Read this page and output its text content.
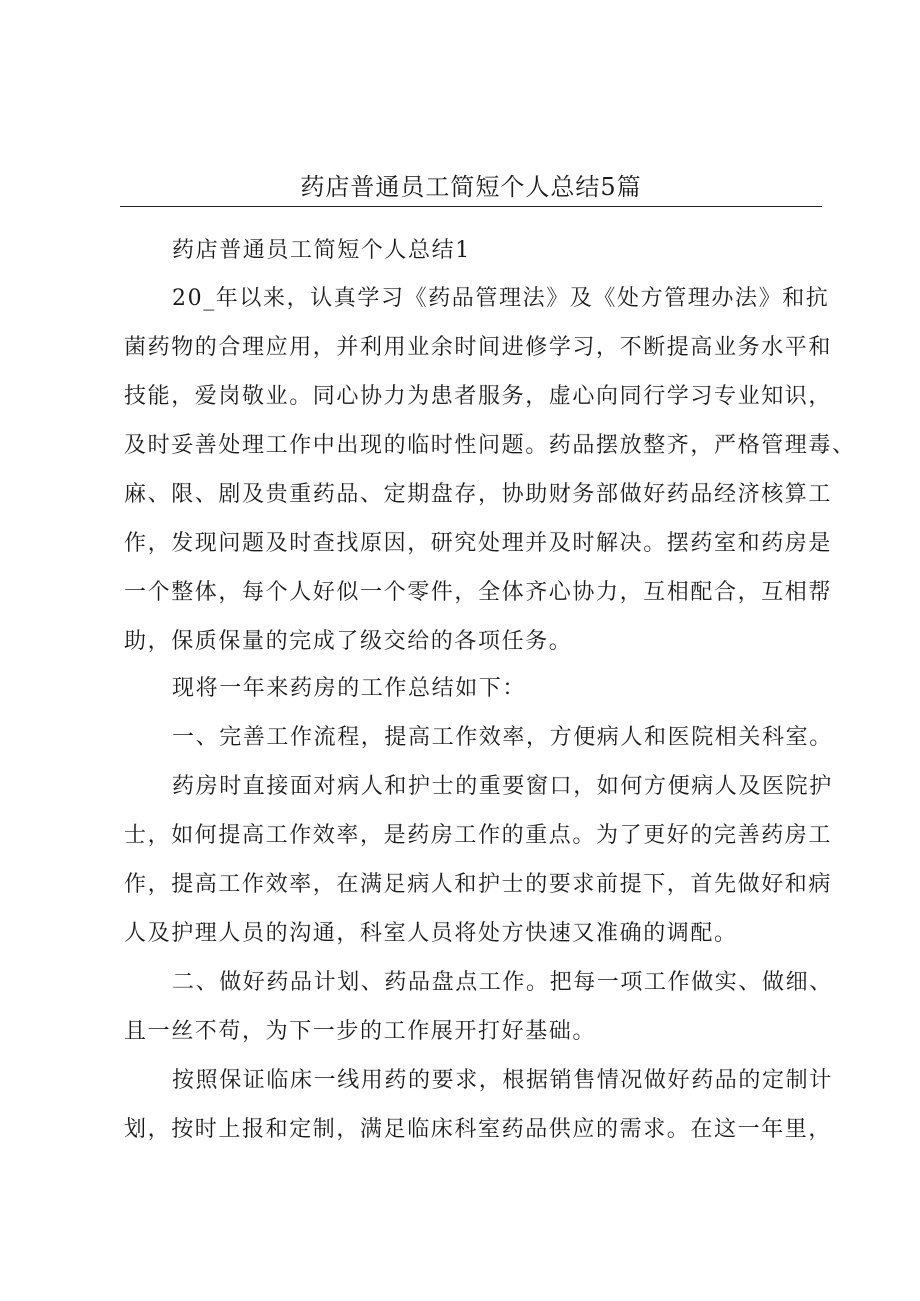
药店普通员工简短个人总结5篇

药店普通员工简短个人总结1

20_年以来，认真学习《药品管理法》及《处方管理办法》和抗
菌药物的合理应用，并利用业余时间进修学习，不断提高业务水平和
技能，爱岗敬业。同心协力为患者服务，虚心向同行学习专业知识，
及时妥善处理工作中出现的临时性问题。药品摆放整齐，严格管理毒、
麻、限、剧及贵重药品、定期盘存，协助财务部做好药品经济核算工
作，发现问题及时查找原因，研究处理并及时解决。摆药室和药房是
一个整体，每个人好似一个零件，全体齐心协力，互相配合，互相帮
助，保质保量的完成了级交给的各项任务。

现将一年来药房的工作总结如下：

一、完善工作流程，提高工作效率，方便病人和医院相关科室。

药房时直接面对病人和护士的重要窗口，如何方便病人及医院护
士，如何提高工作效率，是药房工作的重点。为了更好的完善药房工
作，提高工作效率，在满足病人和护士的要求前提下，首先做好和病
人及护理人员的沟通，科室人员将处方快速又准确的调配。

二、做好药品计划、药品盘点工作。把每一项工作做实、做细、
且一丝不苟，为下一步的工作展开打好基础。

按照保证临床一线用药的要求，根据销售情况做好药品的定制计
划，按时上报和定制，满足临床科室药品供应的需求。在这一年里，
